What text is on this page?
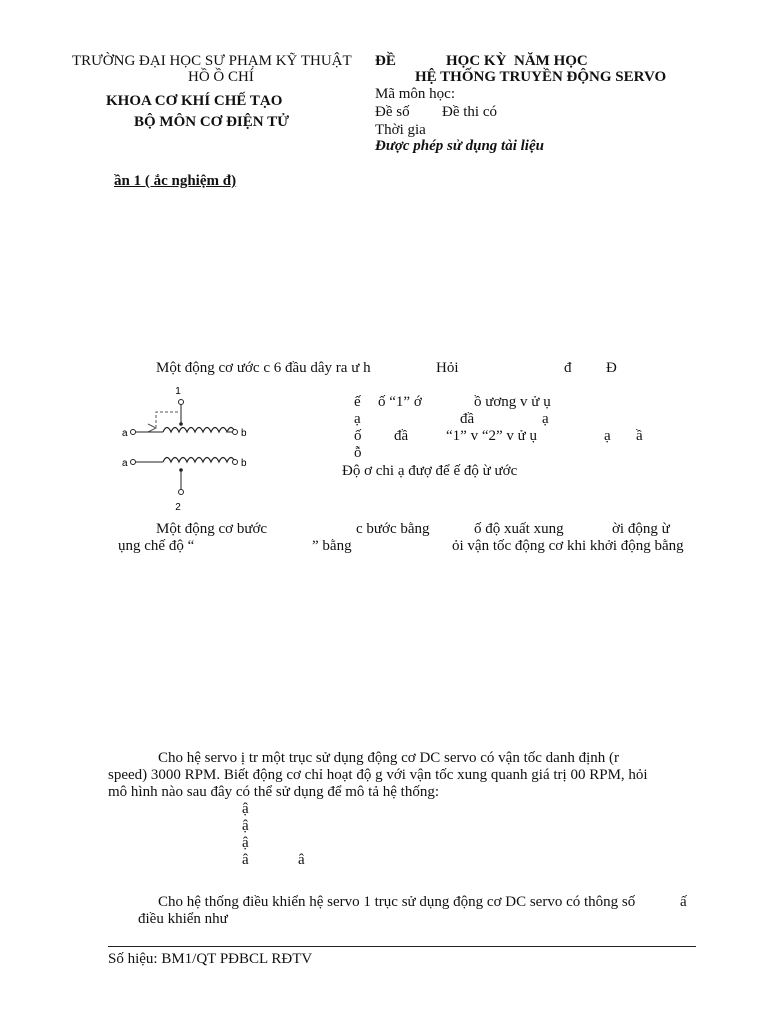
TRƯỜNG ĐẠI HỌC SƯ PHẠM KỸ THUẬT
HỒ Ồ CHÍ
KHOA CƠ KHÍ CHẾ TẠO
BỘ MÔN CƠ ĐIỆN TỬ
ĐỀ	HỌC KỲ NĂM HỌC
HỆ THỐNG TRUYỀN ĐỘNG SERVO
Mã môn học:
Đề số Đề thi có
Thời gia
Được phép sử dụng tài liệu
ần 1 ( ắc nghiệm đ)
Một động cơ ước c 6 đầu dây ra ư h	Hỏi	đ Đ
1
a	b
a	b
2
ế ố “1” ớ	ồ ương v ử ụ
ạ	đầ	ạ
ố đầ	“1” v “2” v ử ụ	ạ ầ
ỗ
Độ ơ chi ạ đượ để ế độ ừ ước
Một động cơ bước	c bước bằng	ố độ xuất xung	ời động ừ
ụng chế độ “	” bằng	ỏi vận tốc động cơ khi khởi động bằng
Cho hệ servo ị tr một trục sử dụng động cơ DC servo có vận tốc danh định (r
speed) 3000 RPM. Biết động cơ chỉ hoạt độ g với vận tốc xung quanh giá trị 00 RPM, hỏi
mô hình nào sau đây có thể sử dụng để mô tả hệ thống:
ậ
ậ
ậ
â	â
Cho hệ thống điều khiển hệ servo 1 trục sử dụng động cơ DC servo có thông số	ấ
điều khiển như
Số hiệu: BM1/QT PĐBCL RĐTV
